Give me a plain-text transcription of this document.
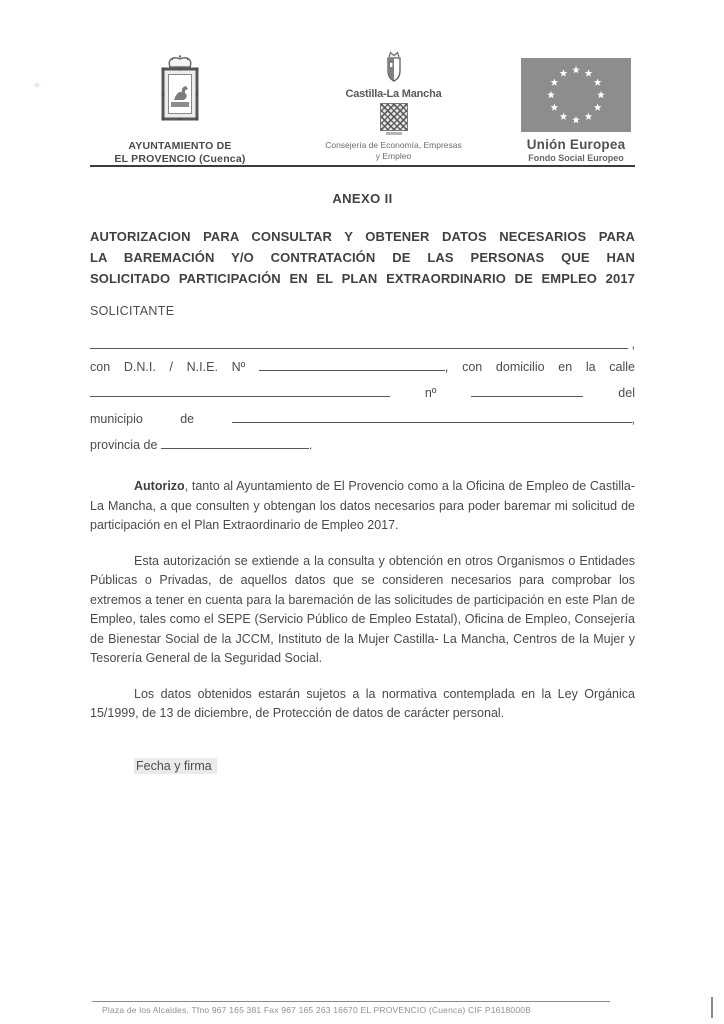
AYUNTAMIENTO DE
EL PROVENCIO (Cuenca)
Castilla-La Mancha
Consejería de Economía, Empresas y Empleo
Unión Europea
Fondo Social Europeo
ANEXO II
AUTORIZACION PARA CONSULTAR Y OBTENER DATOS NECESARIOS PARA
LA BAREMACIÓN Y/O CONTRATACIÓN DE LAS PERSONAS QUE HAN
SOLICITADO PARTICIPACIÓN EN EL PLAN EXTRAORDINARIO DE EMPLEO 2017
SOLICITANTE
,
con D.N.I. / N.I.E. Nº	, con domicilio en la calle
nº	del
municipio de	,
provincia de	.

Autorizo, tanto al Ayuntamiento de El Provencio como a la Oficina de Empleo de Castilla- La Mancha, a que consulten y obtengan los datos necesarios para poder baremar mi solicitud de participación en el Plan Extraordinario de Empleo 2017.

Esta autorización se extiende a la consulta y obtención en otros Organismos o Entidades Públicas o Privadas, de aquellos datos que se consideren necesarios para comprobar los extremos a tener en cuenta para la baremación de las solicitudes de participación en este Plan de Empleo, tales como el SEPE (Servicio Público de Empleo Estatal), Oficina de Empleo, Consejería de Bienestar Social de la JCCM, Instituto de la Mujer Castilla- La Mancha, Centros de la Mujer y Tesorería General de la Seguridad Social.

Los datos obtenidos estarán sujetos a la normativa contemplada en la Ley Orgánica 15/1999, de 13 de diciembre, de Protección de datos de carácter personal.

Fecha y firma
Plaza de los Alcaldes, Tfno 967 165 381 Fax 967 165 263 16670 EL PROVENCIO (Cuenca) CIF P1618000B
